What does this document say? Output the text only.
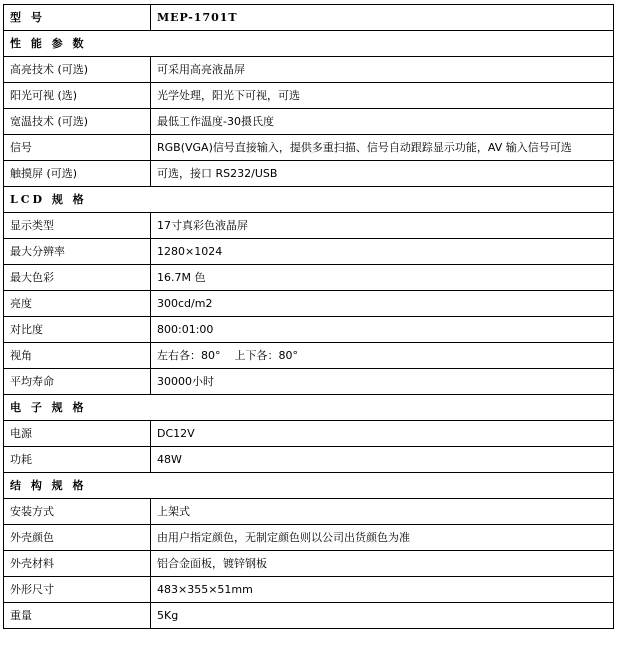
型 号	MEP-1701T
性 能 参 数	
高亮技术 (可选)	可采用高亮液晶屏
阳光可视 (选)	光学处理，阳光下可视，可选
宽温技术 (可选)	最低工作温度-30摄氏度
信号	RGB(VGA)信号直接输入，提供多重扫描、信号自动跟踪显示功能，AV 输入信号可选
触摸屏 (可选)	可选，接口 RS232/USB
LCD 规 格	
显示类型	17寸真彩色液晶屏
最大分辨率	1280×1024
最大色彩	16.7M 色
亮度	300cd/m2
对比度	800:01:00
视角	左右各：80°    上下各：80°
平均寿命	30000小时
电 子 规 格	
电源	DC12V
功耗	48W
结 构 规 格	
安装方式	上架式
外壳颜色	由用户指定颜色，无制定颜色则以公司出货颜色为准
外壳材料	铝合金面板，镀锌钢板
外形尺寸	483×355×51mm
重量	5Kg
